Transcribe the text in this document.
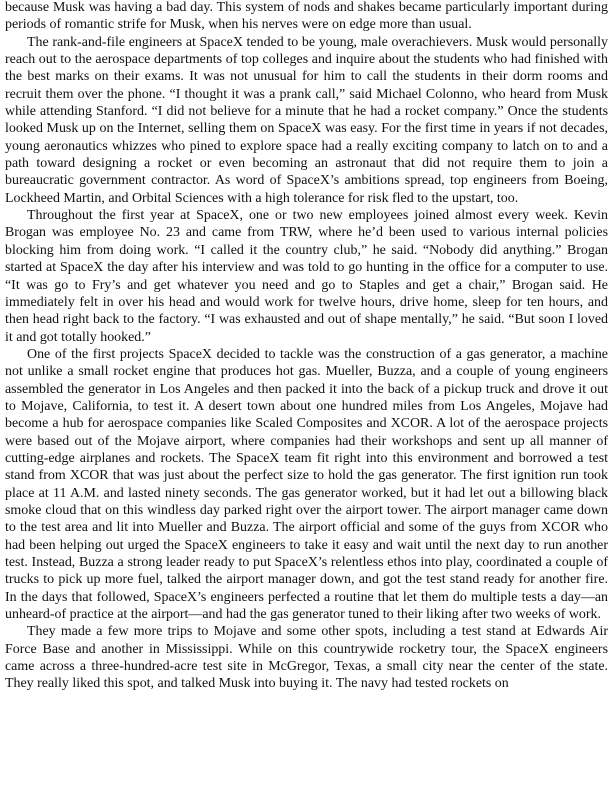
because Musk was having a bad day. This system of nods and shakes became particularly important during periods of romantic strife for Musk, when his nerves were on edge more than usual.

The rank-and-file engineers at SpaceX tended to be young, male overachievers. Musk would personally reach out to the aerospace departments of top colleges and inquire about the students who had finished with the best marks on their exams. It was not unusual for him to call the students in their dorm rooms and recruit them over the phone. “I thought it was a prank call,” said Michael Colonno, who heard from Musk while attending Stanford. “I did not believe for a minute that he had a rocket company.” Once the students looked Musk up on the Internet, selling them on SpaceX was easy. For the first time in years if not decades, young aeronautics whizzes who pined to explore space had a really exciting company to latch on to and a path toward designing a rocket or even becoming an astronaut that did not require them to join a bureaucratic government contractor. As word of SpaceX’s ambitions spread, top engineers from Boeing, Lockheed Martin, and Orbital Sciences with a high tolerance for risk fled to the upstart, too.

Throughout the first year at SpaceX, one or two new employees joined almost every week. Kevin Brogan was employee No. 23 and came from TRW, where he’d been used to various internal policies blocking him from doing work. “I called it the country club,” he said. “Nobody did anything.” Brogan started at SpaceX the day after his interview and was told to go hunting in the office for a computer to use. “It was go to Fry’s and get whatever you need and go to Staples and get a chair,” Brogan said. He immediately felt in over his head and would work for twelve hours, drive home, sleep for ten hours, and then head right back to the factory. “I was exhausted and out of shape mentally,” he said. “But soon I loved it and got totally hooked.”

One of the first projects SpaceX decided to tackle was the construction of a gas generator, a machine not unlike a small rocket engine that produces hot gas. Mueller, Buzza, and a couple of young engineers assembled the generator in Los Angeles and then packed it into the back of a pickup truck and drove it out to Mojave, California, to test it. A desert town about one hundred miles from Los Angeles, Mojave had become a hub for aerospace companies like Scaled Composites and XCOR. A lot of the aerospace projects were based out of the Mojave airport, where companies had their workshops and sent up all manner of cutting-edge airplanes and rockets. The SpaceX team fit right into this environment and borrowed a test stand from XCOR that was just about the perfect size to hold the gas generator. The first ignition run took place at 11 A.M. and lasted ninety seconds. The gas generator worked, but it had let out a billowing black smoke cloud that on this windless day parked right over the airport tower. The airport manager came down to the test area and lit into Mueller and Buzza. The airport official and some of the guys from XCOR who had been helping out urged the SpaceX engineers to take it easy and wait until the next day to run another test. Instead, Buzza a strong leader ready to put SpaceX’s relentless ethos into play, coordinated a couple of trucks to pick up more fuel, talked the airport manager down, and got the test stand ready for another fire. In the days that followed, SpaceX’s engineers perfected a routine that let them do multiple tests a day—an unheard-of practice at the airport—and had the gas generator tuned to their liking after two weeks of work.

They made a few more trips to Mojave and some other spots, including a test stand at Edwards Air Force Base and another in Mississippi. While on this countrywide rocketry tour, the SpaceX engineers came across a three-hundred-acre test site in McGregor, Texas, a small city near the center of the state. They really liked this spot, and talked Musk into buying it. The navy had tested rockets on
